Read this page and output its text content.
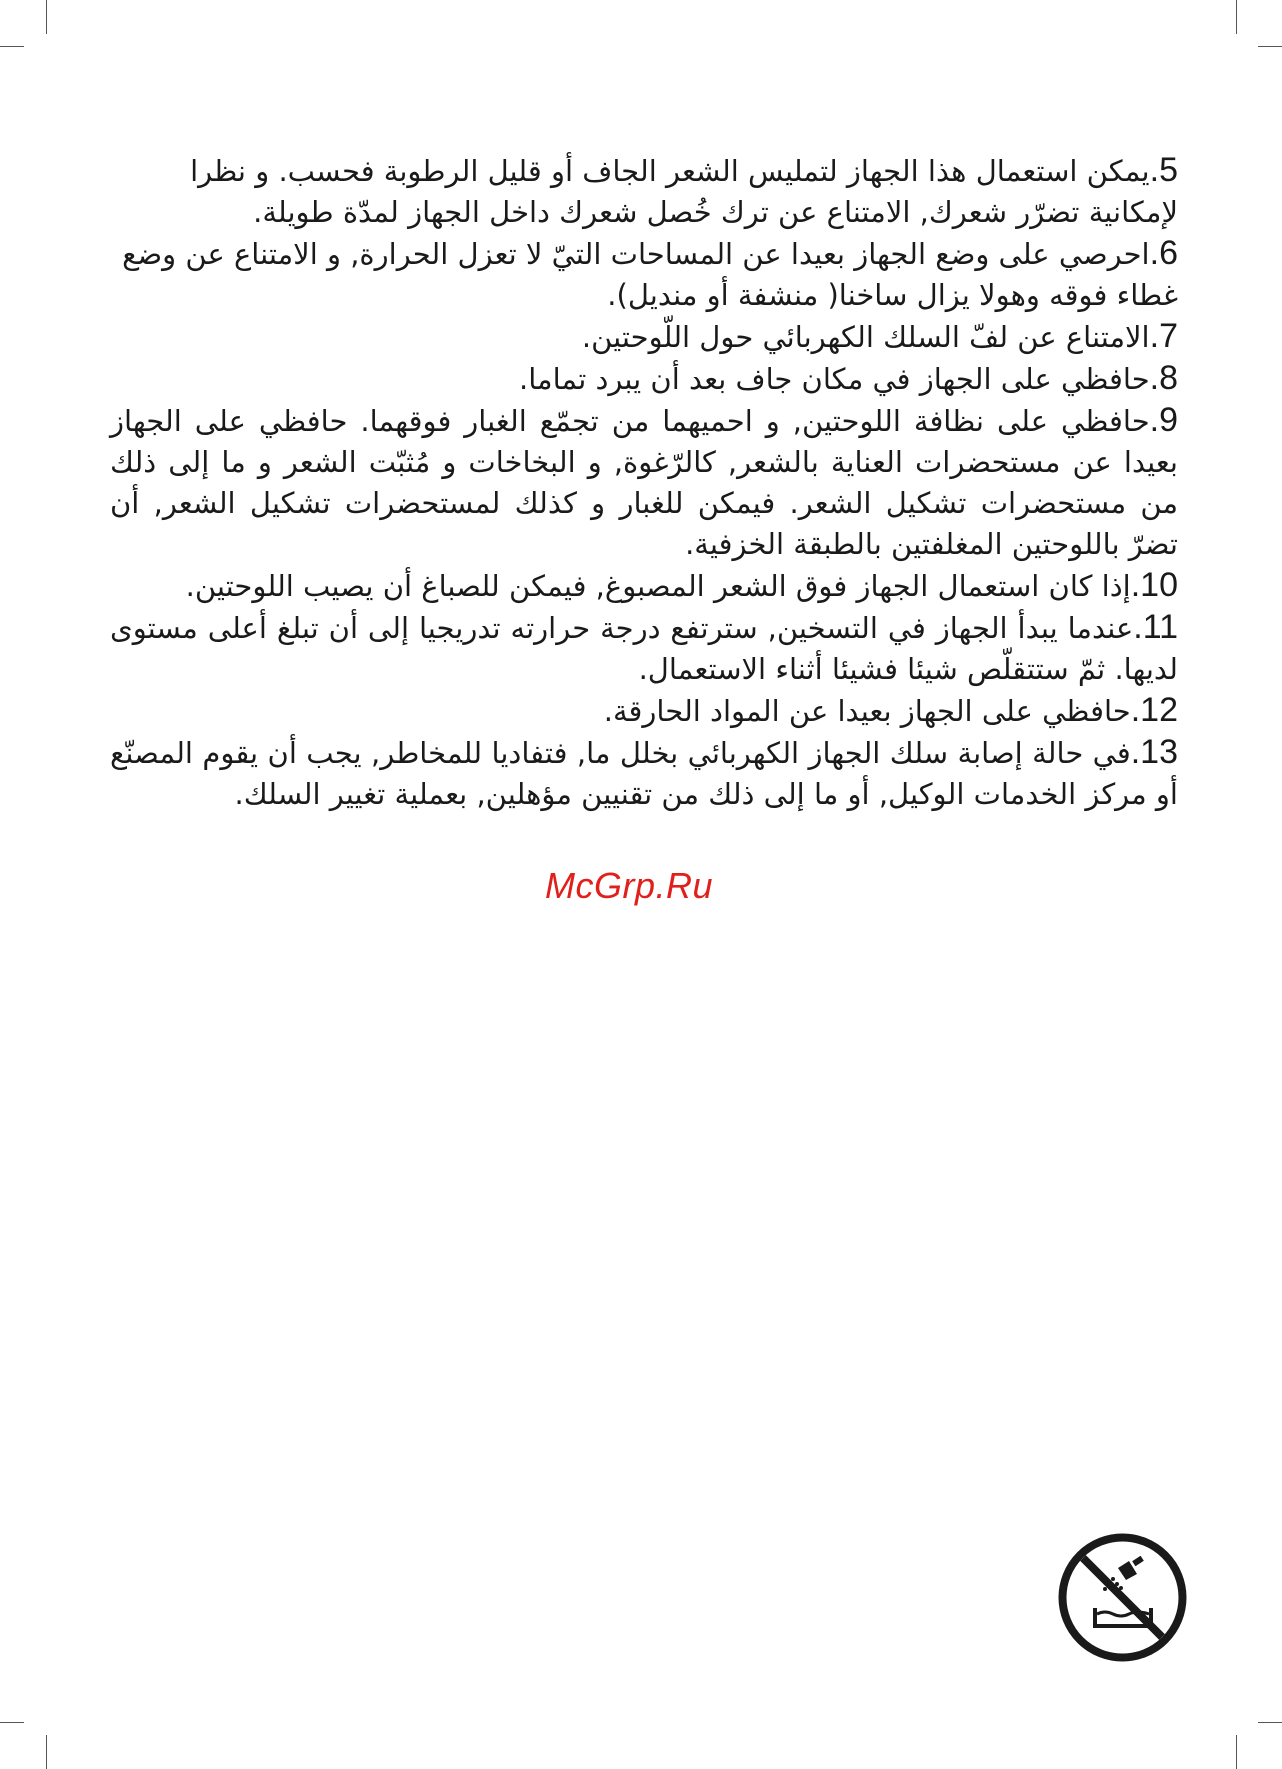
5.يمكن استعمال هذا الجهاز لتمليس الشعر الجاف أو قليل الرطوبة فحسب. و نظرا لإمكانية تضرّر شعرك, الامتناع عن ترك خُصل شعرك داخل الجهاز لمدّة طويلة.

6.احرصي على وضع الجهاز بعيدا عن المساحات التيّ لا تعزل الحرارة, و الامتناع عن وضع غطاء فوقه وهولا يزال ساخنا( منشفة أو منديل).

7.الامتناع عن لفّ السلك الكهربائي حول اللّوحتين.

8.حافظي على الجهاز في مكان جاف بعد أن يبرد تماما.

9.حافظي على نظافة اللوحتين, و احميهما من تجمّع الغبار فوقهما. حافظي على الجهاز بعيدا عن مستحضرات العناية بالشعر, كالرّغوة, و البخاخات و مُثبّت الشعر و ما إلى ذلك من مستحضرات تشكيل الشعر. فيمكن للغبار و كذلك لمستحضرات تشكيل الشعر, أن تضرّ باللوحتين المغلفتين بالطبقة الخزفية.

10.إذا كان استعمال الجهاز فوق الشعر المصبوغ, فيمكن للصباغ أن يصيب اللوحتين.

11.عندما يبدأ الجهاز في التسخين, سترتفع درجة حرارته تدريجيا إلى أن تبلغ أعلى مستوى لديها. ثمّ ستتقلّص شيئا فشيئا أثناء الاستعمال.

12.حافظي على الجهاز بعيدا عن المواد الحارقة.

13.في حالة إصابة سلك الجهاز الكهربائي بخلل ما, فتفاديا للمخاطر, يجب أن يقوم المصنّع أو مركز الخدمات الوكيل, أو ما إلى ذلك من تقنيين مؤهلين, بعملية تغيير السلك.

McGrp.Ru
